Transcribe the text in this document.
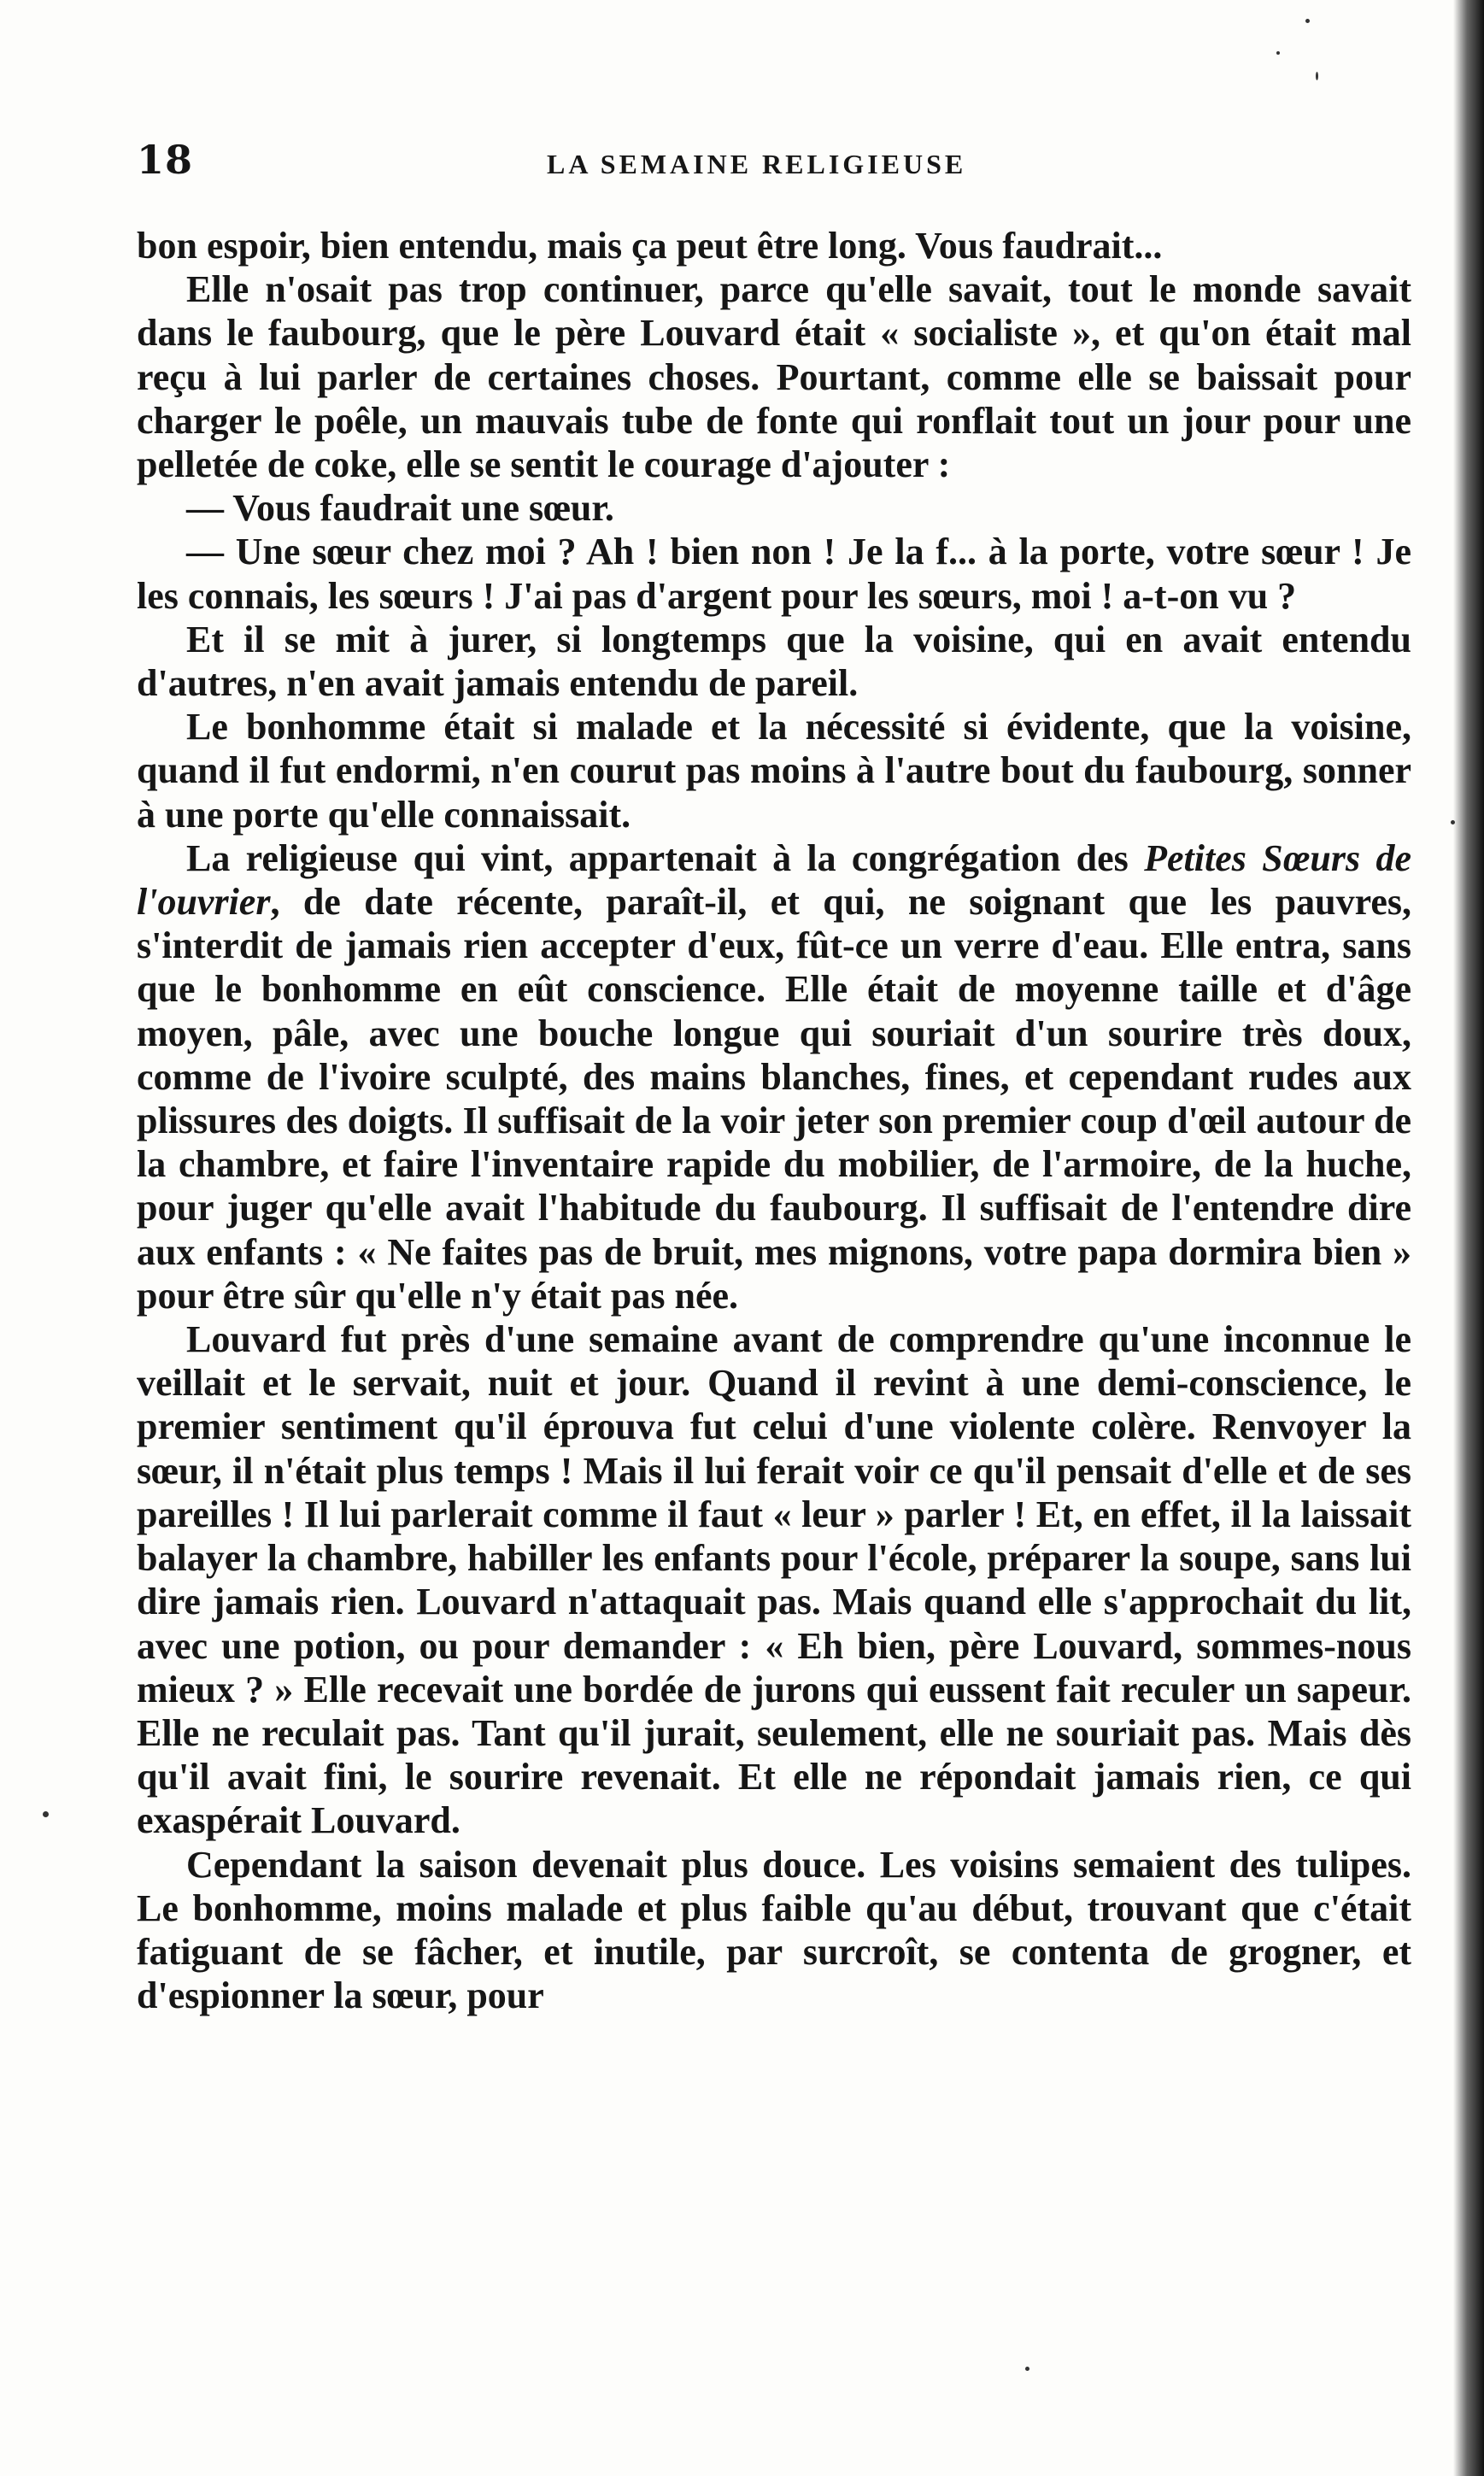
18	LA SEMAINE RELIGIEUSE

bon espoir, bien entendu, mais ça peut être long. Vous faudrait...

Elle n'osait pas trop continuer, parce qu'elle savait, tout le monde savait dans le faubourg, que le père Louvard était « socialiste », et qu'on était mal reçu à lui parler de certaines choses. Pourtant, comme elle se baissait pour charger le poêle, un mauvais tube de fonte qui ronflait tout un jour pour une pelletée de coke, elle se sentit le courage d'ajouter :

— Vous faudrait une sœur.

— Une sœur chez moi ? Ah ! bien non ! Je la f... à la porte, votre sœur ! Je les connais, les sœurs ! J'ai pas d'argent pour les sœurs, moi ! a-t-on vu ?

Et il se mit à jurer, si longtemps que la voisine, qui en avait entendu d'autres, n'en avait jamais entendu de pareil.

Le bonhomme était si malade et la nécessité si évidente, que la voisine, quand il fut endormi, n'en courut pas moins à l'autre bout du faubourg, sonner à une porte qu'elle connaissait.

La religieuse qui vint, appartenait à la congrégation des Petites Sœurs de l'ouvrier, de date récente, paraît-il, et qui, ne soignant que les pauvres, s'interdit de jamais rien accepter d'eux, fût-ce un verre d'eau. Elle entra, sans que le bonhomme en eût conscience. Elle était de moyenne taille et d'âge moyen, pâle, avec une bouche longue qui souriait d'un sourire très doux, comme de l'ivoire sculpté, des mains blanches, fines, et cependant rudes aux plissures des doigts. Il suffisait de la voir jeter son premier coup d'œil autour de la chambre, et faire l'inventaire rapide du mobilier, de l'armoire, de la huche, pour juger qu'elle avait l'habitude du faubourg. Il suffisait de l'entendre dire aux enfants : « Ne faites pas de bruit, mes mignons, votre papa dormira bien » pour être sûr qu'elle n'y était pas née.

Louvard fut près d'une semaine avant de comprendre qu'une inconnue le veillait et le servait, nuit et jour. Quand il revint à une demi-conscience, le premier sentiment qu'il éprouva fut celui d'une violente colère. Renvoyer la sœur, il n'était plus temps ! Mais il lui ferait voir ce qu'il pensait d'elle et de ses pareilles ! Il lui parlerait comme il faut « leur » parler ! Et, en effet, il la laissait balayer la chambre, habiller les enfants pour l'école, préparer la soupe, sans lui dire jamais rien. Louvard n'attaquait pas. Mais quand elle s'approchait du lit, avec une potion, ou pour demander : « Eh bien, père Louvard, sommes-nous mieux ? » Elle recevait une bordée de jurons qui eussent fait reculer un sapeur. Elle ne reculait pas. Tant qu'il jurait, seulement, elle ne souriait pas. Mais dès qu'il avait fini, le sourire revenait. Et elle ne répondait jamais rien, ce qui exaspérait Louvard.

Cependant la saison devenait plus douce. Les voisins semaient des tulipes. Le bonhomme, moins malade et plus faible qu'au début, trouvant que c'était fatiguant de se fâcher, et inutile, par surcroît, se contenta de grogner, et d'espionner la sœur, pour
